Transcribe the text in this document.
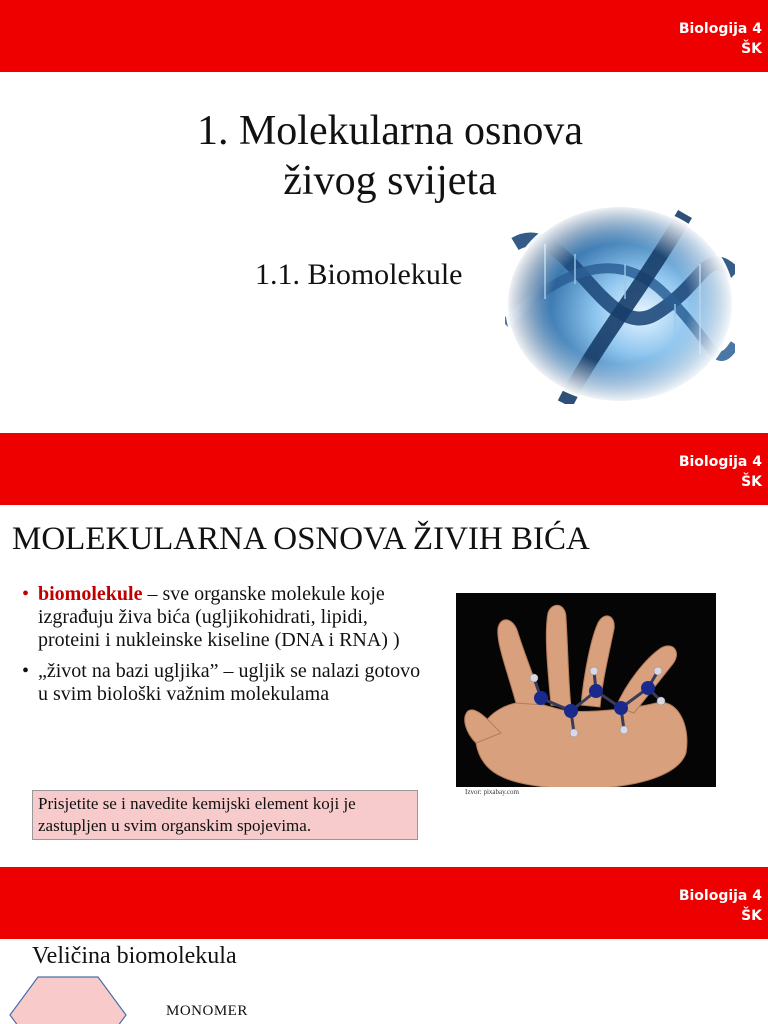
Biologija 4
ŠK
1. Molekularna osnova
živog svijeta
1.1. Biomolekule
Biologija 4
ŠK
MOLEKULARNA OSNOVA ŽIVIH BIĆA
• biomolekule – sve organske molekule koje izgrađuju živa bića (ugljikohidrati, lipidi, proteini i nukleinske kiseline (DNA i RNA) )
• „život na bazi ugljika” – ugljik se nalazi gotovo u svim biološki važnim molekulama
Prisjetite se i navedite kemijski element koji je zastupljen u svim organskim spojevima.
Izvor: pixabay.com
Biologija 4
ŠK
Veličina biomolekula
MONOMER
